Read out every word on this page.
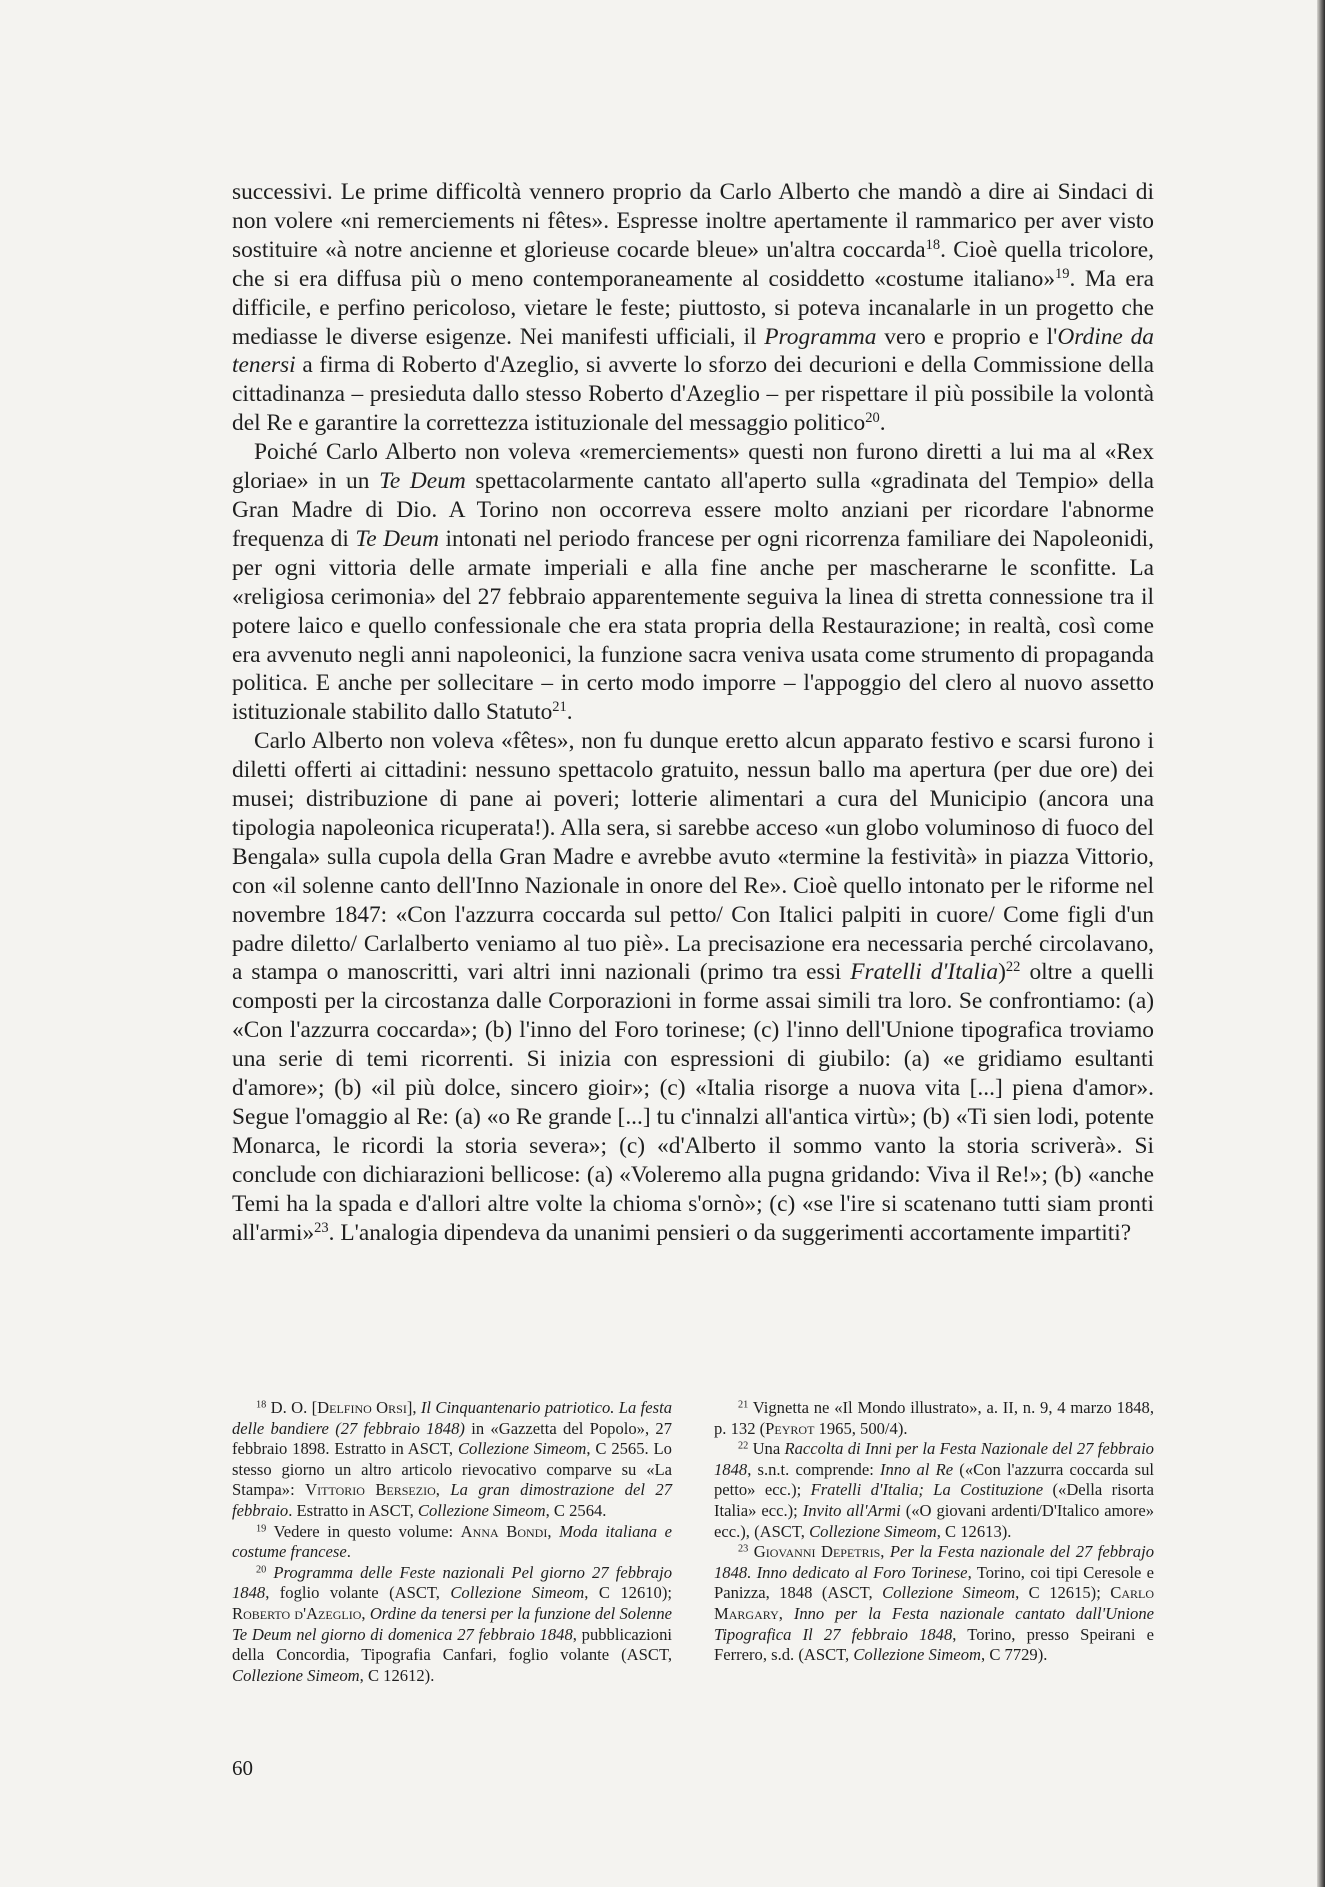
successivi. Le prime difficoltà vennero proprio da Carlo Alberto che mandò a dire ai Sindaci di non volere «ni remerciements ni fêtes». Espresse inoltre apertamente il rammarico per aver visto sostituire «à notre ancienne et glorieuse cocarde bleue» un'altra coccarda$^{18}$. Cioè quella tricolore, che si era diffusa più o meno contemporaneamente al cosiddetto «costume italiano»$^{19}$. Ma era difficile, e perfino pericoloso, vietare le feste; piuttosto, si poteva incanalarle in un progetto che mediasse le diverse esigenze. Nei manifesti ufficiali, il Programma vero e proprio e l'Ordine da tenersi a firma di Roberto d'Azeglio, si avverte lo sforzo dei decurioni e della Commissione della cittadinanza – presieduta dallo stesso Roberto d'Azeglio – per rispettare il più possibile la volontà del Re e garantire la correttezza istituzionale del messaggio politico$^{20}$.

Poiché Carlo Alberto non voleva «remerciements» questi non furono diretti a lui ma al «Rex gloriae» in un Te Deum spettacolarmente cantato all'aperto sulla «gradinata del Tempio» della Gran Madre di Dio. A Torino non occorreva essere molto anziani per ricordare l'abnorme frequenza di Te Deum intonati nel periodo francese per ogni ricorrenza familiare dei Napoleonidi, per ogni vittoria delle armate imperiali e alla fine anche per mascherarne le sconfitte. La «religiosa cerimonia» del 27 febbraio apparentemente seguiva la linea di stretta connessione tra il potere laico e quello confessionale che era stata propria della Restaurazione; in realtà, così come era avvenuto negli anni napoleonici, la funzione sacra veniva usata come strumento di propaganda politica. E anche per sollecitare – in certo modo imporre – l'appoggio del clero al nuovo assetto istituzionale stabilito dallo Statuto$^{21}$.

Carlo Alberto non voleva «fêtes», non fu dunque eretto alcun apparato festivo e scarsi furono i diletti offerti ai cittadini: nessuno spettacolo gratuito, nessun ballo ma apertura (per due ore) dei musei; distribuzione di pane ai poveri; lotterie alimentari a cura del Municipio (ancora una tipologia napoleonica ricuperata!). Alla sera, si sarebbe acceso «un globo voluminoso di fuoco del Bengala» sulla cupola della Gran Madre e avrebbe avuto «termine la festività» in piazza Vittorio, con «il solenne canto dell'Inno Nazionale in onore del Re». Cioè quello intonato per le riforme nel novembre 1847: «Con l'azzurra coccarda sul petto/ Con Italici palpiti in cuore/ Come figli d'un padre diletto/ Carlalberto veniamo al tuo piè». La precisazione era necessaria perché circolavano, a stampa o manoscritti, vari altri inni nazionali (primo tra essi Fratelli d'Italia)$^{22}$ oltre a quelli composti per la circostanza dalle Corporazioni in forme assai simili tra loro. Se confrontiamo: (a) «Con l'azzurra coccarda»; (b) l'inno del Foro torinese; (c) l'inno dell'Unione tipografica troviamo una serie di temi ricorrenti. Si inizia con espressioni di giubilo: (a) «e gridiamo esultanti d'amore»; (b) «il più dolce, sincero gioir»; (c) «Italia risorge a nuova vita [...] piena d'amor». Segue l'omaggio al Re: (a) «o Re grande [...] tu c'innalzi all'antica virtù»; (b) «Ti sien lodi, potente Monarca, le ricordi la storia severa»; (c) «d'Alberto il sommo vanto la storia scriverà». Si conclude con dichiarazioni bellicose: (a) «Voleremo alla pugna gridando: Viva il Re!»; (b) «anche Temi ha la spada e d'allori altre volte la chioma s'ornò»; (c) «se l'ire si scatenano tutti siam pronti all'armi»$^{23}$. L'analogia dipendeva da unanimi pensieri o da suggerimenti accortamente impartiti?

$^{18}$ D. O. [Delfino Orsi], Il Cinquantenario patriotico. La festa delle bandiere (27 febbraio 1848) in «Gazzetta del Popolo», 27 febbraio 1898. Estratto in ASCT, Collezione Simeom, C 2565. Lo stesso giorno un altro articolo rievocativo comparve su «La Stampa»: Vittorio Bersezio, La gran dimostrazione del 27 febbraio. Estratto in ASCT, Collezione Simeom, C 2564.

$^{19}$ Vedere in questo volume: Anna Bondi, Moda italiana e costume francese.

$^{20}$ Programma delle Feste nazionali Pel giorno 27 febbrajo 1848, foglio volante (ASCT, Collezione Simeom, C 12610); Roberto d'Azeglio, Ordine da tenersi per la funzione del Solenne Te Deum nel giorno di domenica 27 febbraio 1848, pubblicazioni della Concordia, Tipografia Canfari, foglio volante (ASCT, Collezione Simeom, C 12612).

$^{21}$ Vignetta ne «Il Mondo illustrato», a. II, n. 9, 4 marzo 1848, p. 132 (Peyrot 1965, 500/4).

$^{22}$ Una Raccolta di Inni per la Festa Nazionale del 27 febbraio 1848, s.n.t. comprende: Inno al Re («Con l'azzurra coccarda sul petto» ecc.); Fratelli d'Italia; La Costituzione («Della risorta Italia» ecc.); Invito all'Armi («O giovani ardenti/D'Italico amore» ecc.), (ASCT, Collezione Simeom, C 12613).

$^{23}$ Giovanni Depetris, Per la Festa nazionale del 27 febbrajo 1848. Inno dedicato al Foro Torinese, Torino, coi tipi Ceresole e Panizza, 1848 (ASCT, Collezione Simeom, C 12615); Carlo Margary, Inno per la Festa nazionale cantato dall'Unione Tipografica Il 27 febbraio 1848, Torino, presso Speirani e Ferrero, s.d. (ASCT, Collezione Simeom, C 7729).

60
